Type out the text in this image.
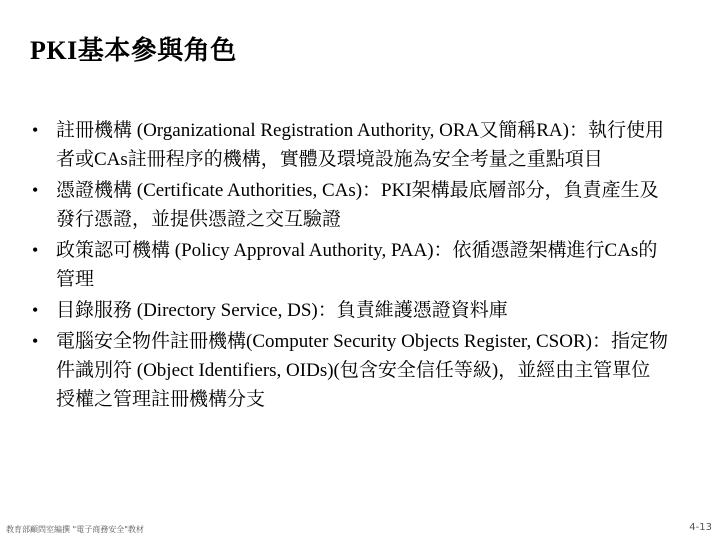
PKI基本參與角色
• 註冊機構 (Organizational Registration Authority, ORA又簡稱RA)：執行使用者或CAs註冊程序的機構，實體及環境設施為安全考量之重點項目
• 憑證機構 (Certificate Authorities, CAs)：PKI架構最底層部分，負責產生及發行憑證，並提供憑證之交互驗證
• 政策認可機構 (Policy Approval Authority, PAA)：依循憑證架構進行CAs的管理
• 目錄服務 (Directory Service, DS)：負責維護憑證資料庫
• 電腦安全物件註冊機構(Computer Security Objects Register, CSOR)：指定物件識別符 (Object Identifiers, OIDs)(包含安全信任等級)，並經由主管單位授權之管理註冊機構分支
教育部顧問室編撰 "電子商務安全"教材	4-13
